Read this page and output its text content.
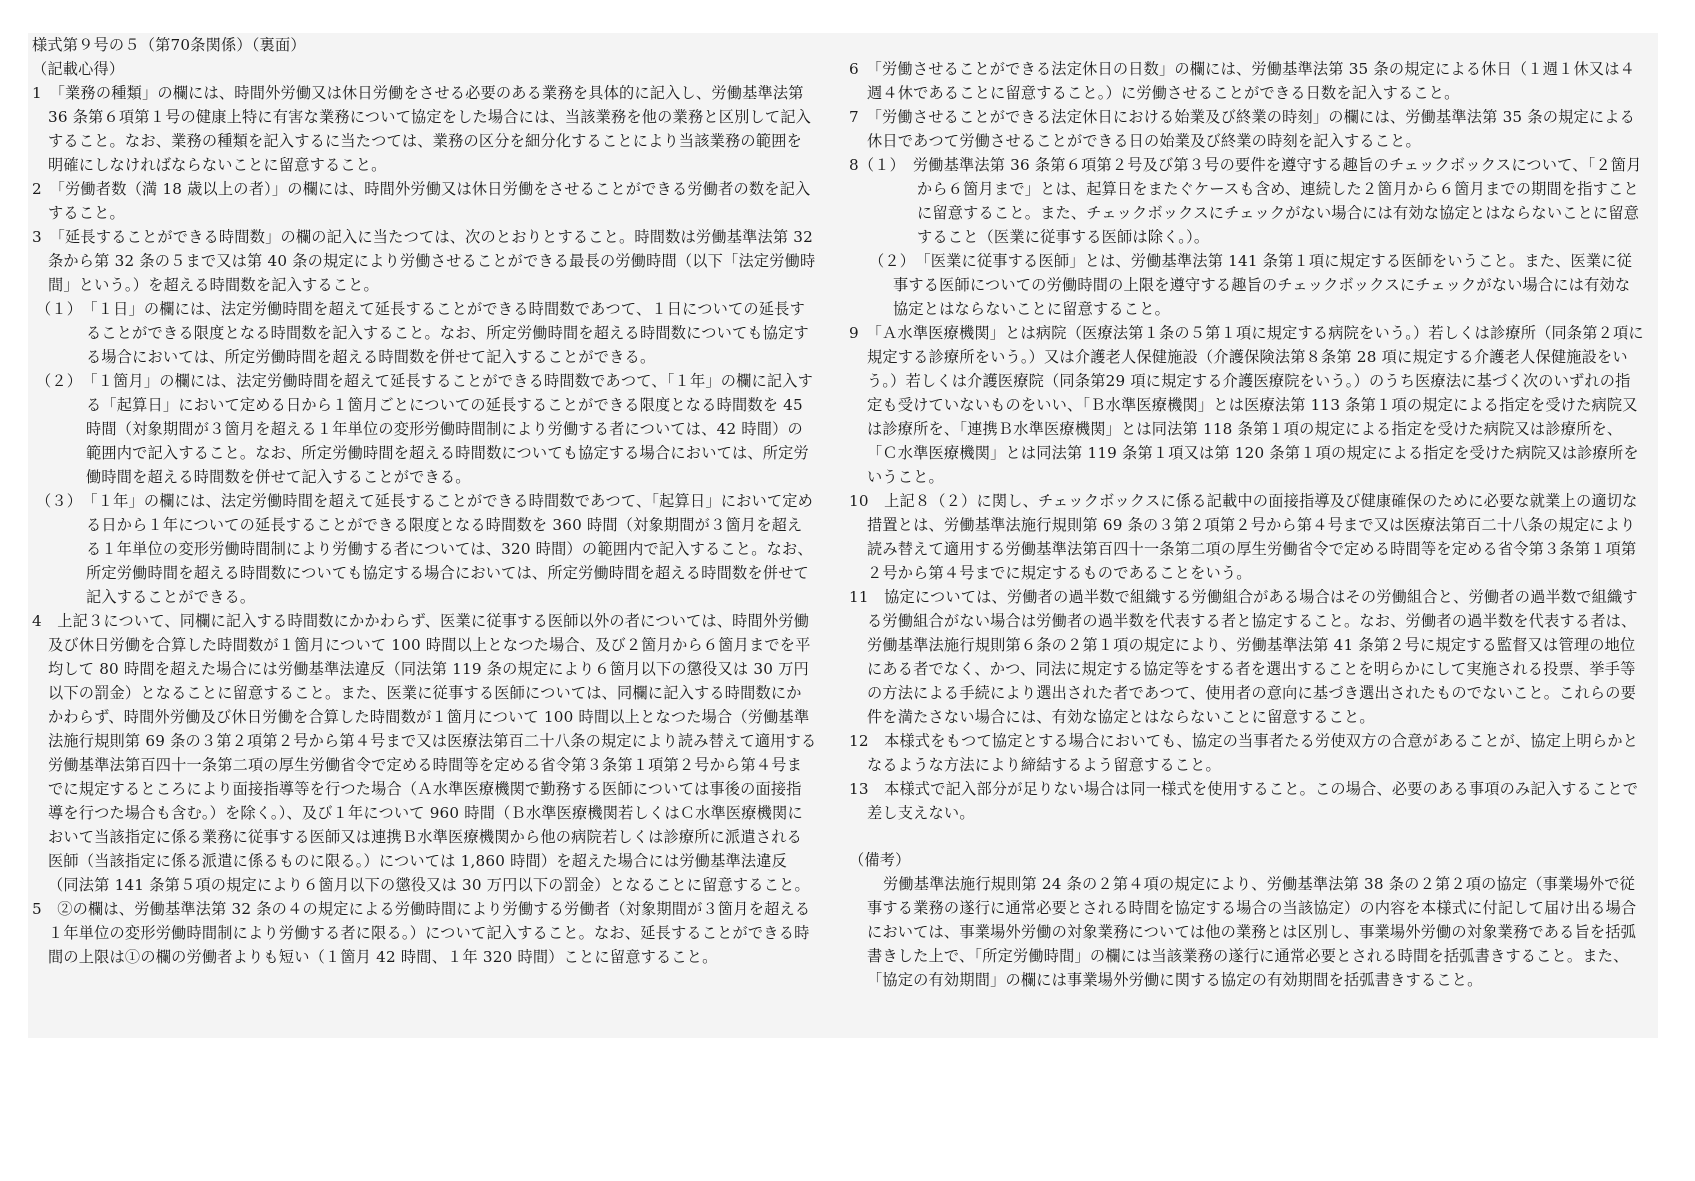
様式第９号の５（第70条関係）（裏面）

（記載心得）

1　「業務の種類」の欄には、時間外労働又は休日労働をさせる必要のある業務を具体的に記入し、労働基準法第 36 条第６項第１号の健康上特に有害な業務について協定をした場合には、当該業務を他の業務と区別して記入すること。なお、業務の種類を記入するに当たつては、業務の区分を細分化することにより当該業務の範囲を明確にしなければならないことに留意すること。

2　「労働者数（満 18 歳以上の者）」の欄には、時間外労働又は休日労働をさせることができる労働者の数を記入すること。

3　「延長することができる時間数」の欄の記入に当たつては、次のとおりとすること。時間数は労働基準法第 32 条から第 32 条の５まで又は第 40 条の規定により労働させることができる最長の労働時間（以下「法定労働時間」という。）を超える時間数を記入すること。

（１）　「１日」の欄には、法定労働時間を超えて延長することができる時間数であつて、１日についての延長することができる限度となる時間数を記入すること。なお、所定労働時間を超える時間数についても協定する場合においては、所定労働時間を超える時間数を併せて記入することができる。

（２）　「１箇月」の欄には、法定労働時間を超えて延長することができる時間数であつて、「１年」の欄に記入する「起算日」において定める日から１箇月ごとについての延長することができる限度となる時間数を 45 時間（対象期間が３箇月を超える１年単位の変形労働時間制により労働する者については、42 時間）の範囲内で記入すること。なお、所定労働時間を超える時間数についても協定する場合においては、所定労働時間を超える時間数を併せて記入することができる。

（３）　「１年」の欄には、法定労働時間を超えて延長することができる時間数であつて、「起算日」において定める日から１年についての延長することができる限度となる時間数を 360 時間（対象期間が３箇月を超える１年単位の変形労働時間制により労働する者については、320 時間）の範囲内で記入すること。なお、所定労働時間を超える時間数についても協定する場合においては、所定労働時間を超える時間数を併せて記入することができる。

4　上記３について、同欄に記入する時間数にかかわらず、医業に従事する医師以外の者については、時間外労働及び休日労働を合算した時間数が１箇月について 100 時間以上となつた場合、及び２箇月から６箇月までを平均して 80 時間を超えた場合には労働基準法違反（同法第 119 条の規定により６箇月以下の懲役又は 30 万円以下の罰金）となることに留意すること。また、医業に従事する医師については、同欄に記入する時間数にかかわらず、時間外労働及び休日労働を合算した時間数が１箇月について 100 時間以上となつた場合（労働基準法施行規則第 69 条の３第２項第２号から第４号まで又は医療法第百二十八条の規定により読み替えて適用する労働基準法第百四十一条第二項の厚生労働省令で定める時間等を定める省令第３条第１項第２号から第４号までに規定するところにより面接指導等を行つた場合（Ａ水準医療機関で勤務する医師については事後の面接指導を行つた場合も含む。）を除く。）、及び１年について 960 時間（Ｂ水準医療機関若しくはＣ水準医療機関において当該指定に係る業務に従事する医師又は連携Ｂ水準医療機関から他の病院若しくは診療所に派遣される医師（当該指定に係る派遣に係るものに限る。）については 1,860 時間）を超えた場合には労働基準法違反（同法第 141 条第５項の規定により６箇月以下の懲役又は 30 万円以下の罰金）となることに留意すること。

5　②の欄は、労働基準法第 32 条の４の規定による労働時間により労働する労働者（対象期間が３箇月を超える１年単位の変形労働時間制により労働する者に限る。）について記入すること。なお、延長することができる時間の上限は①の欄の労働者よりも短い（１箇月 42 時間、１年 320 時間）ことに留意すること。

6　「労働させることができる法定休日の日数」の欄には、労働基準法第 35 条の規定による休日（１週１休又は４週４休であることに留意すること。）に労働させることができる日数を記入すること。

7　「労働させることができる法定休日における始業及び終業の時刻」の欄には、労働基準法第 35 条の規定による休日であつて労働させることができる日の始業及び終業の時刻を記入すること。

8（１）　労働基準法第 36 条第６項第２号及び第３号の要件を遵守する趣旨のチェックボックスについて、「２箇月から６箇月まで」とは、起算日をまたぐケースも含め、連続した２箇月から６箇月までの期間を指すことに留意すること。また、チェックボックスにチェックがない場合には有効な協定とはならないことに留意すること（医業に従事する医師は除く。）。

（２）　「医業に従事する医師」とは、労働基準法第 141 条第１項に規定する医師をいうこと。また、医業に従事する医師についての労働時間の上限を遵守する趣旨のチェックボックスにチェックがない場合には有効な協定とはならないことに留意すること。

9　「Ａ水準医療機関」とは病院（医療法第１条の５第１項に規定する病院をいう。）若しくは診療所（同条第２項に規定する診療所をいう。）又は介護老人保健施設（介護保険法第８条第 28 項に規定する介護老人保健施設をいう。）若しくは介護医療院（同条第29 項に規定する介護医療院をいう。）のうち医療法に基づく次のいずれの指定も受けていないものをいい、「Ｂ水準医療機関」とは医療法第 113 条第１項の規定による指定を受けた病院又は診療所を、「連携Ｂ水準医療機関」とは同法第 118 条第１項の規定による指定を受けた病院又は診療所を、「Ｃ水準医療機関」とは同法第 119 条第１項又は第 120 条第１項の規定による指定を受けた病院又は診療所をいうこと。

10　上記８（２）に関し、チェックボックスに係る記載中の面接指導及び健康確保のために必要な就業上の適切な措置とは、労働基準法施行規則第 69 条の３第２項第２号から第４号まで又は医療法第百二十八条の規定により読み替えて適用する労働基準法第百四十一条第二項の厚生労働省令で定める時間等を定める省令第３条第１項第２号から第４号までに規定するものであることをいう。

11　協定については、労働者の過半数で組織する労働組合がある場合はその労働組合と、労働者の過半数で組織する労働組合がない場合は労働者の過半数を代表する者と協定すること。なお、労働者の過半数を代表する者は、労働基準法施行規則第６条の２第１項の規定により、労働基準法第 41 条第２号に規定する監督又は管理の地位にある者でなく、かつ、同法に規定する協定等をする者を選出することを明らかにして実施される投票、挙手等の方法による手続により選出された者であつて、使用者の意向に基づき選出されたものでないこと。これらの要件を満たさない場合には、有効な協定とはならないことに留意すること。

12　本様式をもつて協定とする場合においても、協定の当事者たる労使双方の合意があることが、協定上明らかとなるような方法により締結するよう留意すること。

13　本様式で記入部分が足りない場合は同一様式を使用すること。この場合、必要のある事項のみ記入することで差し支えない。

（備考）

労働基準法施行規則第 24 条の２第４項の規定により、労働基準法第 38 条の２第２項の協定（事業場外で従事する業務の遂行に通常必要とされる時間を協定する場合の当該協定）の内容を本様式に付記して届け出る場合においては、事業場外労働の対象業務については他の業務とは区別し、事業場外労働の対象業務である旨を括弧書きした上で、「所定労働時間」の欄には当該業務の遂行に通常必要とされる時間を括弧書きすること。また、「協定の有効期間」の欄には事業場外労働に関する協定の有効期間を括弧書きすること。
